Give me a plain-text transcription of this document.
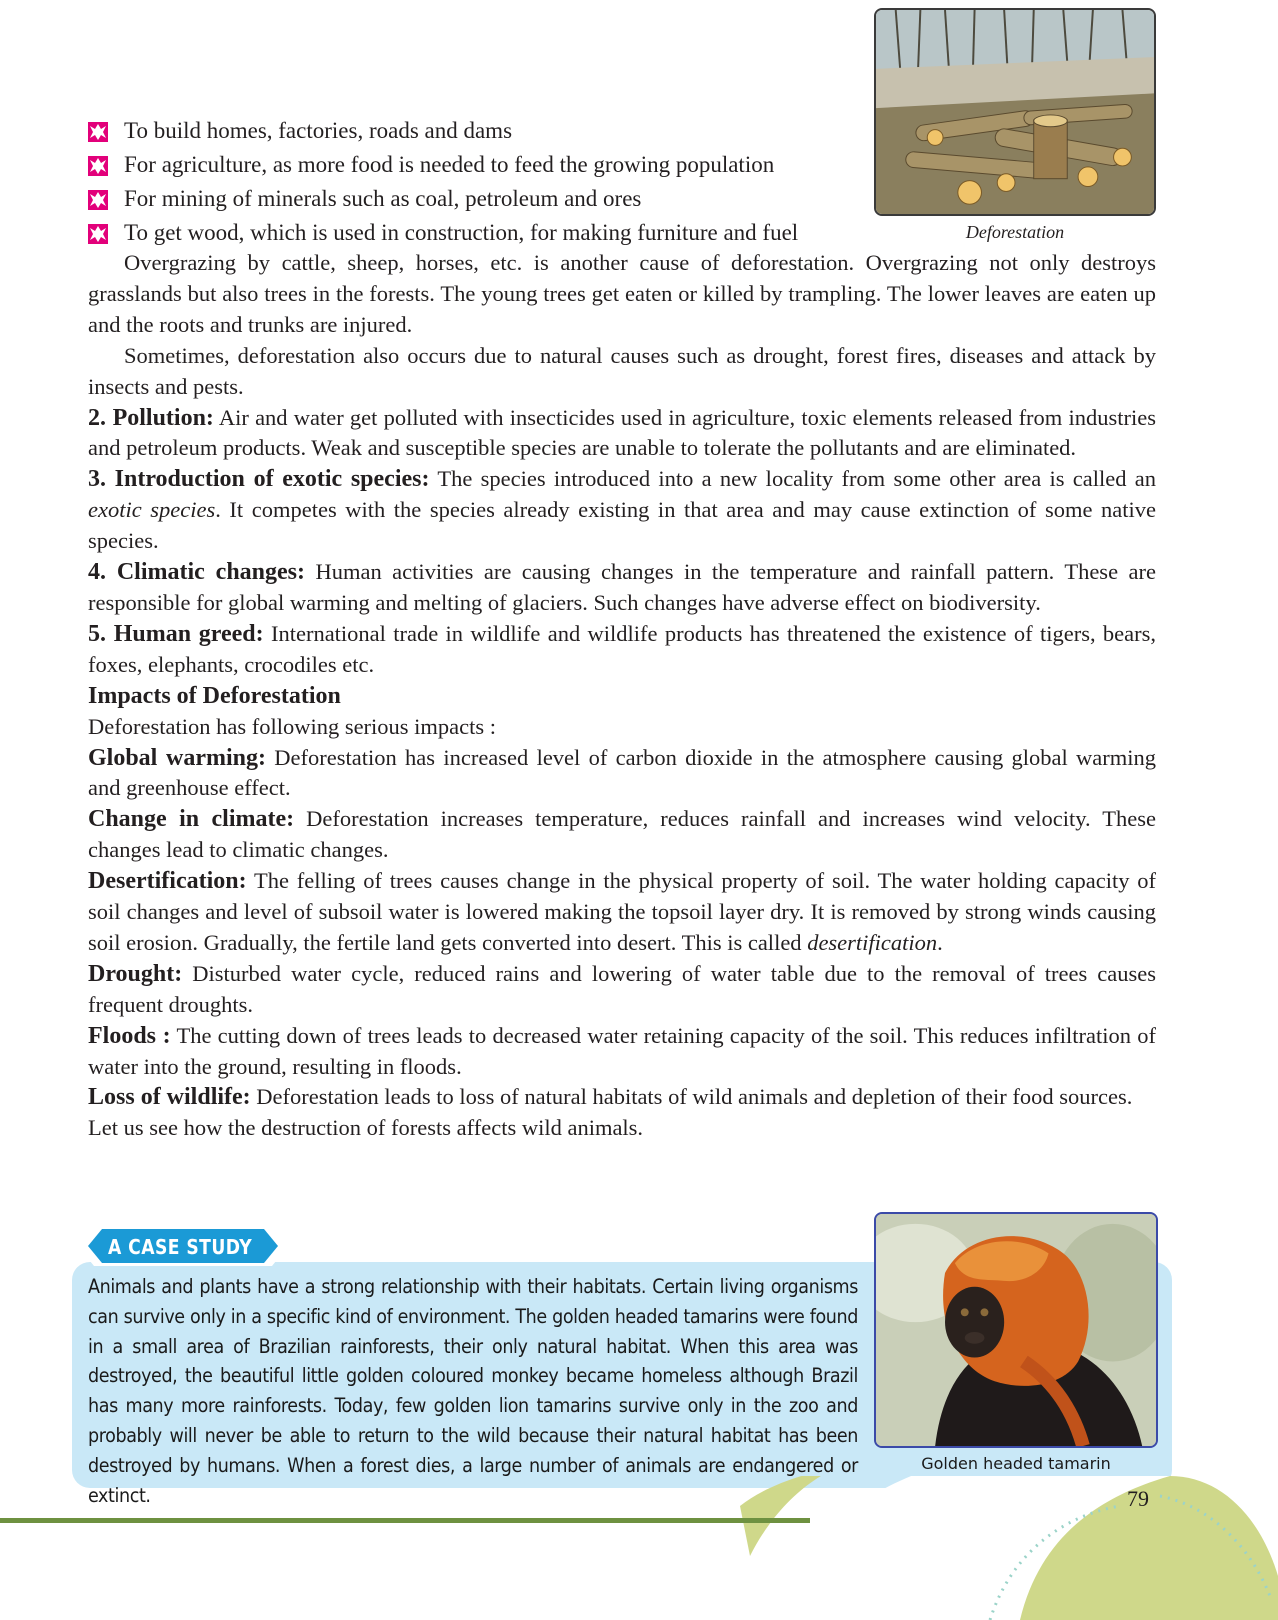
Deforestation
To build homes, factories, roads and dams
For agriculture, as more food is needed to feed the growing population
For mining of minerals such as coal, petroleum and ores
To get wood, which is used in construction, for making furniture and fuel

Overgrazing by cattle, sheep, horses, etc. is another cause of deforestation. Overgrazing not only destroys grasslands but also trees in the forests. The young trees get eaten or killed by trampling. The lower leaves are eaten up and the roots and trunks are injured.

Sometimes, deforestation also occurs due to natural causes such as drought, forest fires, diseases and attack by insects and pests.

2. Pollution: Air and water get polluted with insecticides used in agriculture, toxic elements released from industries and petroleum products. Weak and susceptible species are unable to tolerate the pollutants and are eliminated.

3. Introduction of exotic species: The species introduced into a new locality from some other area is called an exotic species. It competes with the species already existing in that area and may cause extinction of some native species.

4. Climatic changes: Human activities are causing changes in the temperature and rainfall pattern. These are responsible for global warming and melting of glaciers. Such changes have adverse effect on biodiversity.

5. Human greed: International trade in wildlife and wildlife products has threatened the existence of tigers, bears, foxes, elephants, crocodiles etc.

Impacts of Deforestation

Deforestation has following serious impacts :

Global warming: Deforestation has increased level of carbon dioxide in the atmosphere causing global warming and greenhouse effect.

Change in climate: Deforestation increases temperature, reduces rainfall and increases wind velocity. These changes lead to climatic changes.

Desertification: The felling of trees causes change in the physical property of soil. The water holding capacity of soil changes and level of subsoil water is lowered making the topsoil layer dry. It is removed by strong winds causing soil erosion. Gradually, the fertile land gets converted into desert. This is called desertification.

Drought: Disturbed water cycle, reduced rains and lowering of water table due to the removal of trees causes frequent droughts.

Floods : The cutting down of trees leads to decreased water retaining capacity of the soil. This reduces infiltration of water into the ground, resulting in floods.

Loss of wildlife: Deforestation leads to loss of natural habitats of wild animals and depletion of their food sources.

Let us see how the destruction of forests affects wild animals.

A CASE STUDY
Animals and plants have a strong relationship with their habitats. Certain living organisms can survive only in a specific kind of environment. The golden headed tamarins were found in a small area of Brazilian rainforests, their only natural habitat. When this area was destroyed, the beautiful little golden coloured monkey became homeless although Brazil has many more rainforests. Today, few golden lion tamarins survive only in the zoo and probably will never be able to return to the wild because their natural habitat has been destroyed by humans. When a forest dies, a large number of animals are endangered or extinct.
Golden headed tamarin
79
